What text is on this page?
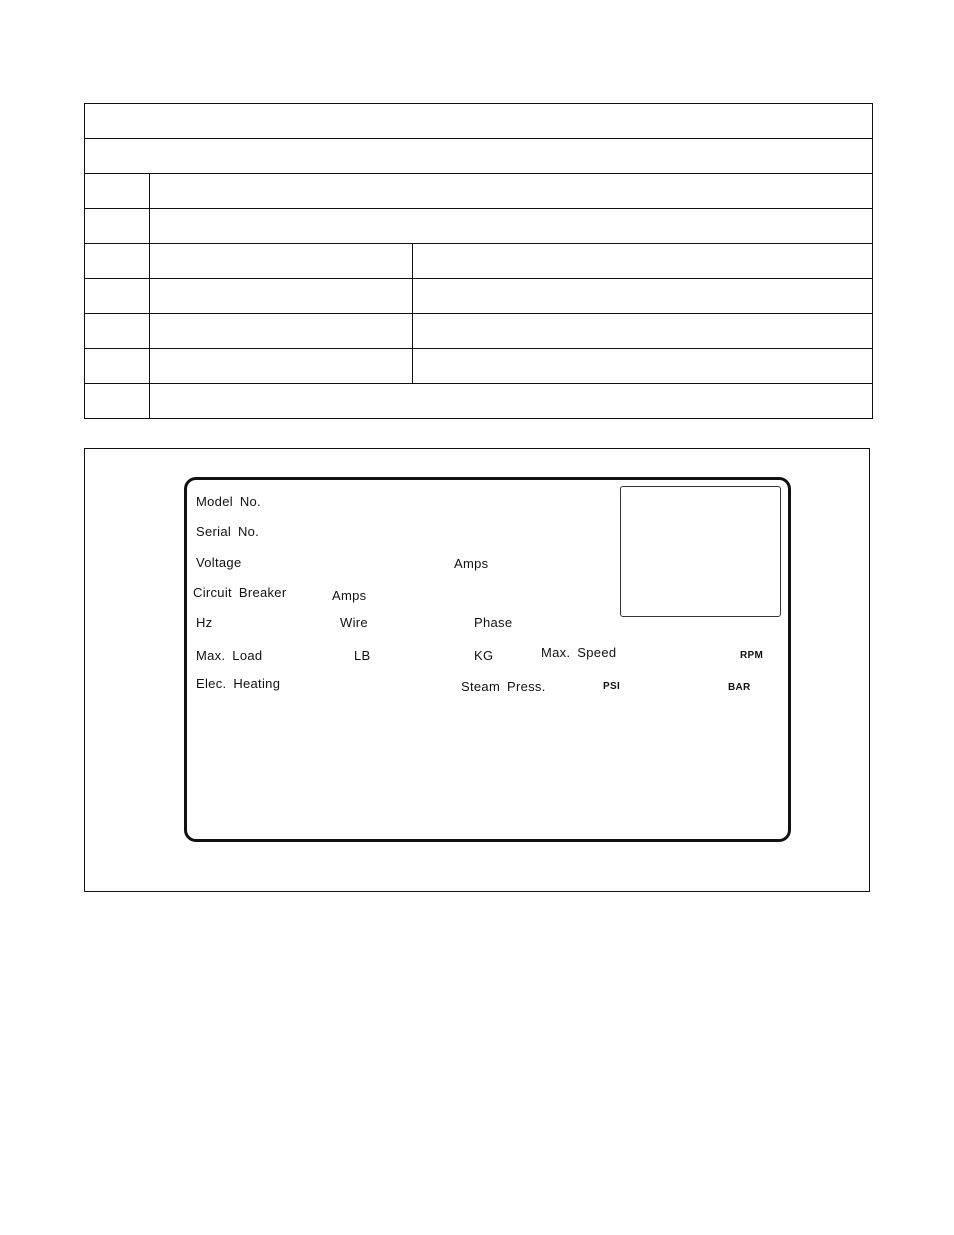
Model No.
Serial No.
Voltage	Amps
Circuit Breaker	Amps
Hz	Wire	Phase
Max. Load	LB	KG	Max. Speed	RPM
Elec. Heating	Steam Press.	PSI	BAR
